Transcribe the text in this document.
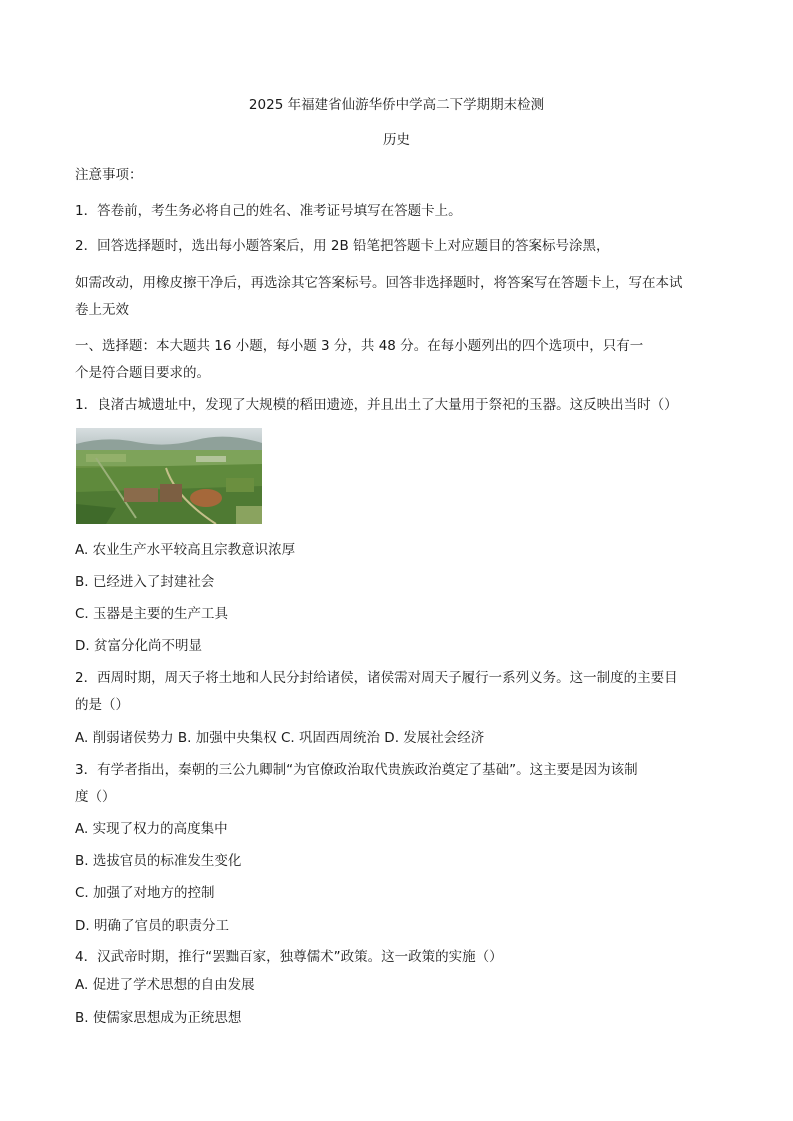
2025 年福建省仙游华侨中学高二下学期期末检测
历史
注意事项：
1．答卷前，考生务必将自己的姓名、准考证号填写在答题卡上。
2．回答选择题时，选出每小题答案后，用 2B 铅笔把答题卡上对应题目的答案标号涂黑，
如需改动，用橡皮擦干净后，再选涂其它答案标号。回答非选择题时，将答案写在答题卡上，写在本试
卷上无效
一、选择题：本大题共 16 小题，每小题 3 分，共 48 分。在每小题列出的四个选项中，只有一
个是符合题目要求的。
1．良渚古城遗址中，发现了大规模的稻田遗迹，并且出土了大量用于祭祀的玉器。这反映出当时（）
A. 农业生产水平较高且宗教意识浓厚
B. 已经进入了封建社会
C. 玉器是主要的生产工具
D. 贫富分化尚不明显
2．西周时期，周天子将土地和人民分封给诸侯，诸侯需对周天子履行一系列义务。这一制度的主要目
的是（）
A. 削弱诸侯势力 B. 加强中央集权 C. 巩固西周统治 D. 发展社会经济
3．有学者指出，秦朝的三公九卿制“为官僚政治取代贵族政治奠定了基础”。这主要是因为该制
度（）
A. 实现了权力的高度集中
B. 选拔官员的标准发生变化
C. 加强了对地方的控制
D. 明确了官员的职责分工
4．汉武帝时期，推行“罢黜百家，独尊儒术”政策。这一政策的实施（）
A. 促进了学术思想的自由发展
B. 使儒家思想成为正统思想
